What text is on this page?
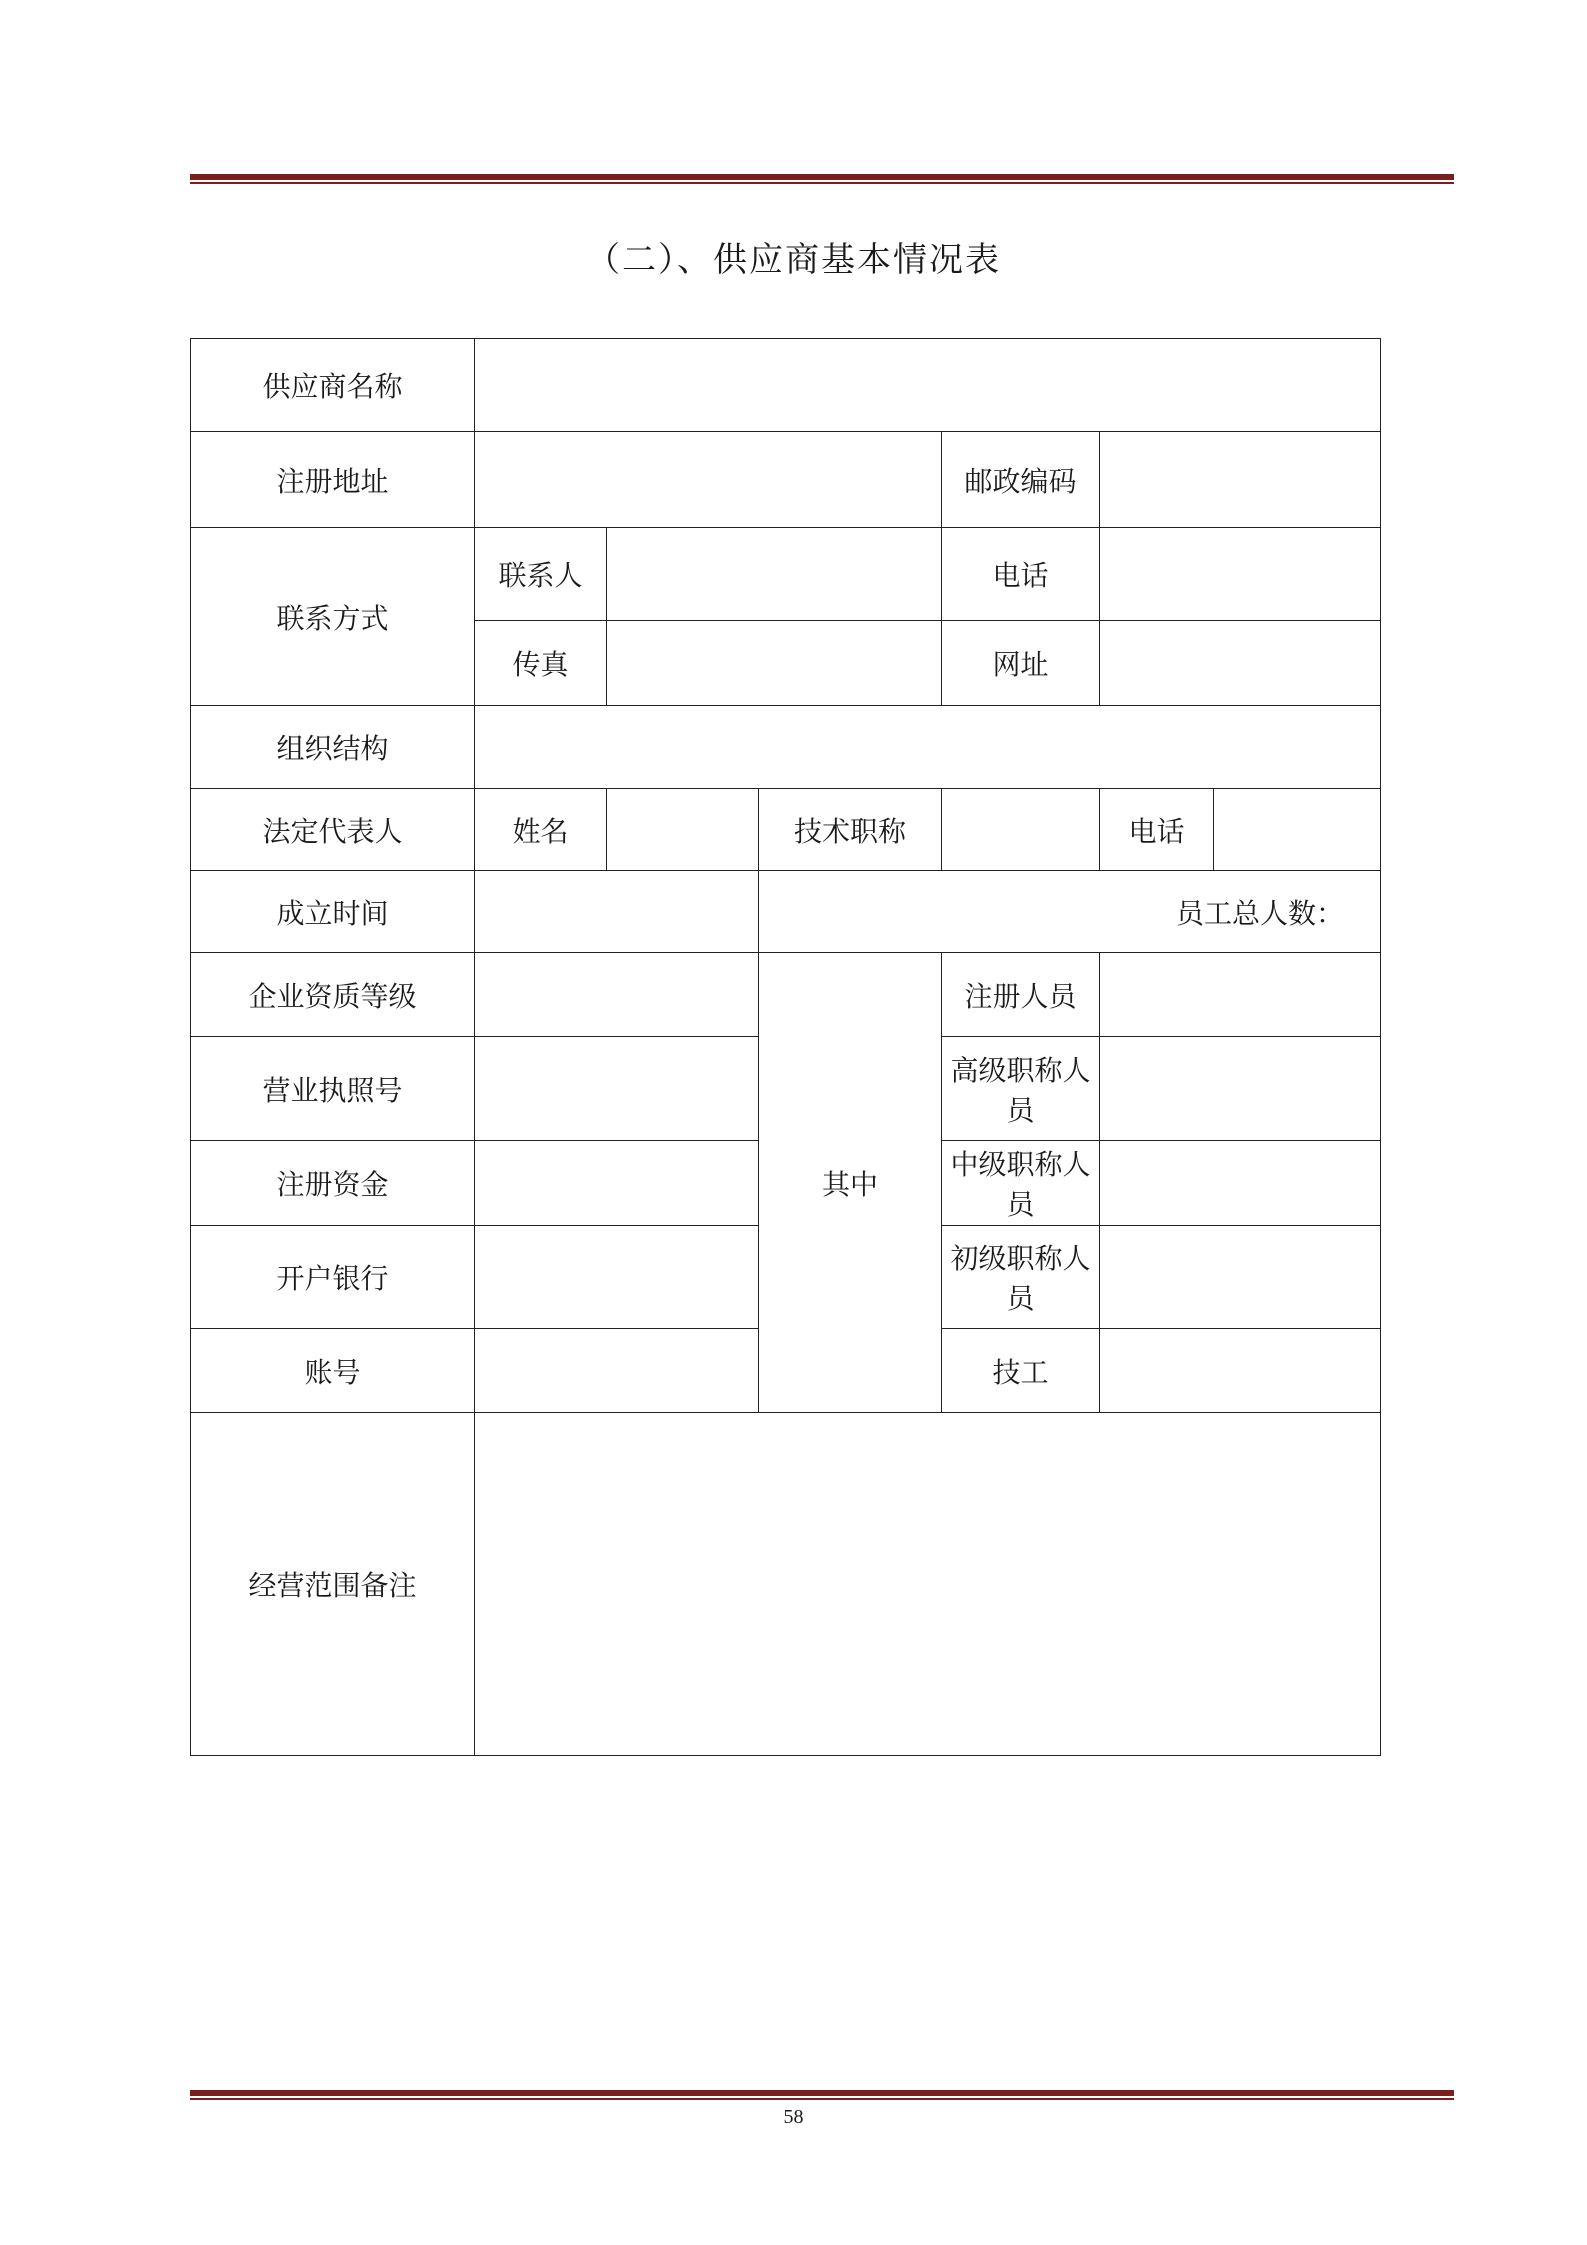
（二）、供应商基本情况表
供应商名称						
注册地址				邮政编码		
联系方式	联系人			电话		
	传真			网址		
组织结构						
法定代表人	姓名		技术职称		电话	
成立时间			员工总人数：			
企业资质等级			其中	注册人员		
营业执照号				高级职称人员		
注册资金				中级职称人员		
开户银行				初级职称人员		
账号				技工		
经营范围备注						
58
